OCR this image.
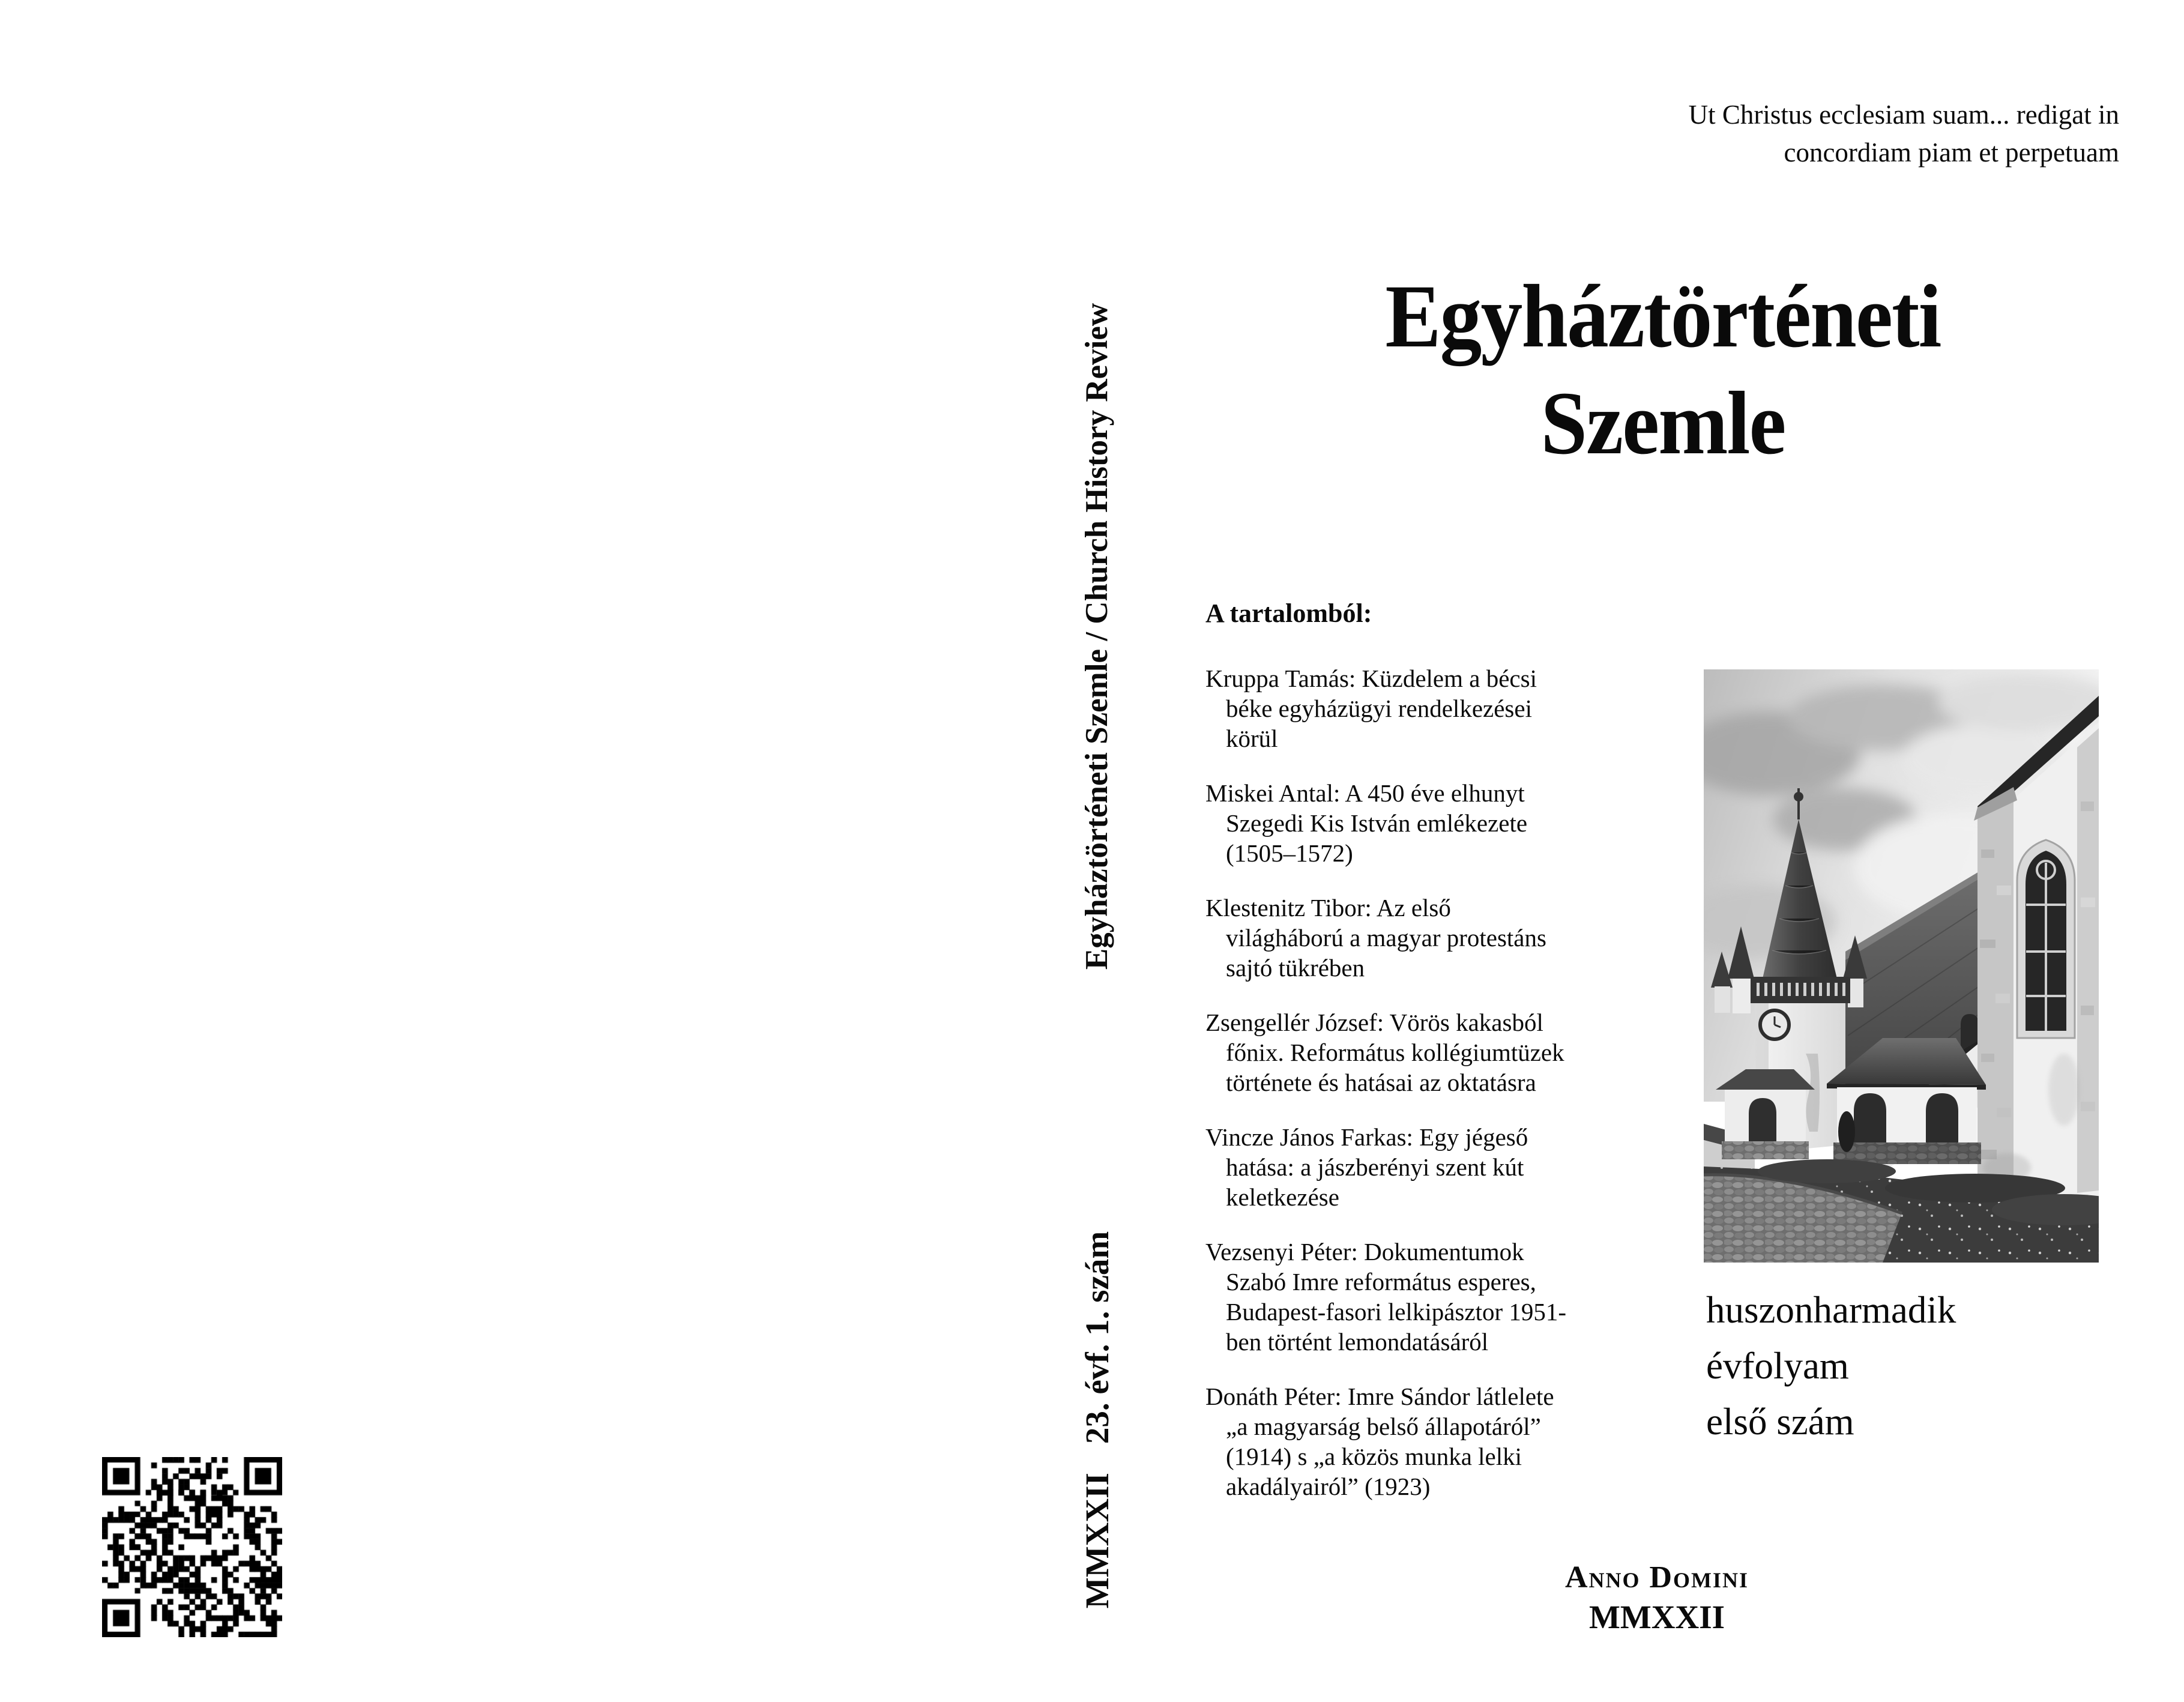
Egyháztörténeti Szemle / Church History Review
MMXXII
23. évf. 1. szám
Ut Christus ecclesiam suam... redigat in
concordiam piam et perpetuam
Egyháztörténeti
Szemle
A tartalomból:
Kruppa Tamás: Küzdelem a bécsi
béke egyházügyi rendelkezései
körül
Miskei Antal: A 450 éve elhunyt
Szegedi Kis István emlékezete
(1505–1572)
Klestenitz Tibor: Az első
világháború a magyar protestáns
sajtó tükrében
Zsengellér József: Vörös kakasból
főnix. Református kollégiumtüzek
története és hatásai az oktatásra
Vincze János Farkas: Egy jégeső
hatása: a jászberényi szent kút
keletkezése
Vezsenyi Péter: Dokumentumok
Szabó Imre református esperes,
Budapest-fasori lelkipásztor 1951-
ben történt lemondatásáról
Donáth Péter: Imre Sándor látlelete
„a magyarság belső állapotáról”
(1914) s „a közös munka lelki
akadályairól” (1923)
huszonharmadik
évfolyam
első szám
Anno Domini
MMXXII
